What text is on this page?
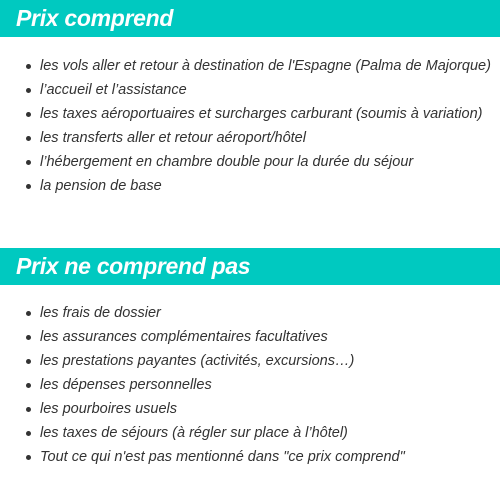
Prix comprend
les vols aller et retour à destination de l'Espagne (Palma de Majorque)
l’accueil et l’assistance
les taxes aéroportuaires et surcharges carburant (soumis à variation)
les transferts aller et retour aéroport/hôtel
l’hébergement en chambre double pour la durée du séjour
la pension de base
Prix ne comprend pas
les frais de dossier
les assurances complémentaires facultatives
les prestations payantes (activités, excursions…)
les dépenses personnelles
les pourboires usuels
les taxes de séjours (à régler sur place à l’hôtel)
Tout ce qui n'est pas mentionné dans "ce prix comprend"
